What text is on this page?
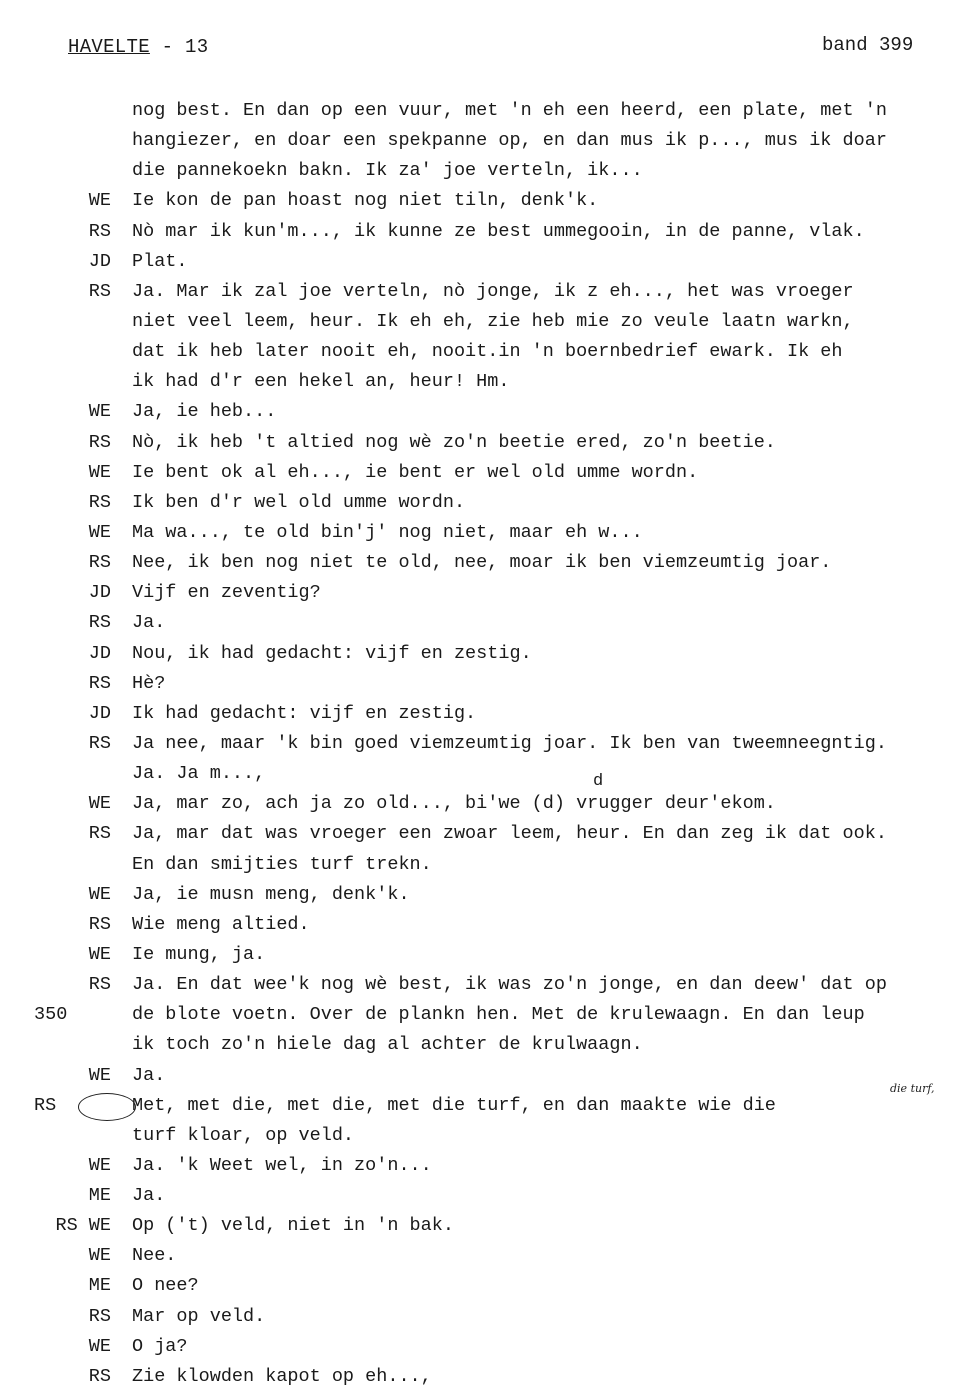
HAVELTE - 13	band 399
d
die turf,
nog best. En dan op een vuur, met 'n eh een heerd, een plate, met 'n
hangiezer, en doar een spekpanne op, en dan mus ik p..., mus ik doar
die pannekoekn bakn. Ik za' joe verteln, ik...
WE Ie kon de pan hoast nog niet tiln, denk'k.
RS Nò mar ik kun'm..., ik kunne ze best ummegooin, in de panne, vlak.
JD Plat.
RS Ja. Mar ik zal joe verteln, nò jonge, ik z eh..., het was vroeger
niet veel leem, heur. Ik eh eh, zie heb mie zo veule laatn warkn,
dat ik heb later nooit eh, nooit.in 'n boernbedrief ewark. Ik eh
ik had d'r een hekel an, heur! Hm.
WE Ja, ie heb...
RS Nò, ik heb 't altied nog wè zo'n beetie ered, zo'n beetie.
WE Ie bent ok al eh..., ie bent er wel old umme wordn.
RS Ik ben d'r wel old umme wordn.
WE Ma wa..., te old bin'j' nog niet, maar eh w...
RS Nee, ik ben nog niet te old, nee, moar ik ben viemzeumtig joar.
JD Vijf en zeventig?
RS Ja.
JD Nou, ik had gedacht: vijf en zestig.
RS Hè?
JD Ik had gedacht: vijf en zestig.
RS Ja nee, maar 'k bin goed viemzeumtig joar. Ik ben van tweemneegntig.
Ja. Ja m...,
WE Ja, mar zo, ach ja zo old..., bi'we (d) vrugger deur'ekom.
RS Ja, mar dat was vroeger een zwoar leem, heur. En dan zeg ik dat ook.
En dan smijties turf trekn.
WE Ja, ie musn meng, denk'k.
RS Wie meng altied.
WE Ie mung, ja.
RS Ja. En dat wee'k nog wè best, ik was zo'n jonge, en dan deew' dat op
350	de blote voetn. Over de plankn hen. Met de krulewaagn. En dan leup
ik toch zo'n hiele dag al achter de krulwaagn.
WE Ja.
RS	Met, met die, met die, met die turf, en dan maakte wie die
turf kloar, op veld.
WE Ja. 'k Weet wel, in zo'n...
ME Ja.
RS WE Op ('t) veld, niet in 'n bak.
WE Nee.
ME O nee?
RS Mar op veld.
WE O ja?
RS Zie klowden kapot op eh...,
